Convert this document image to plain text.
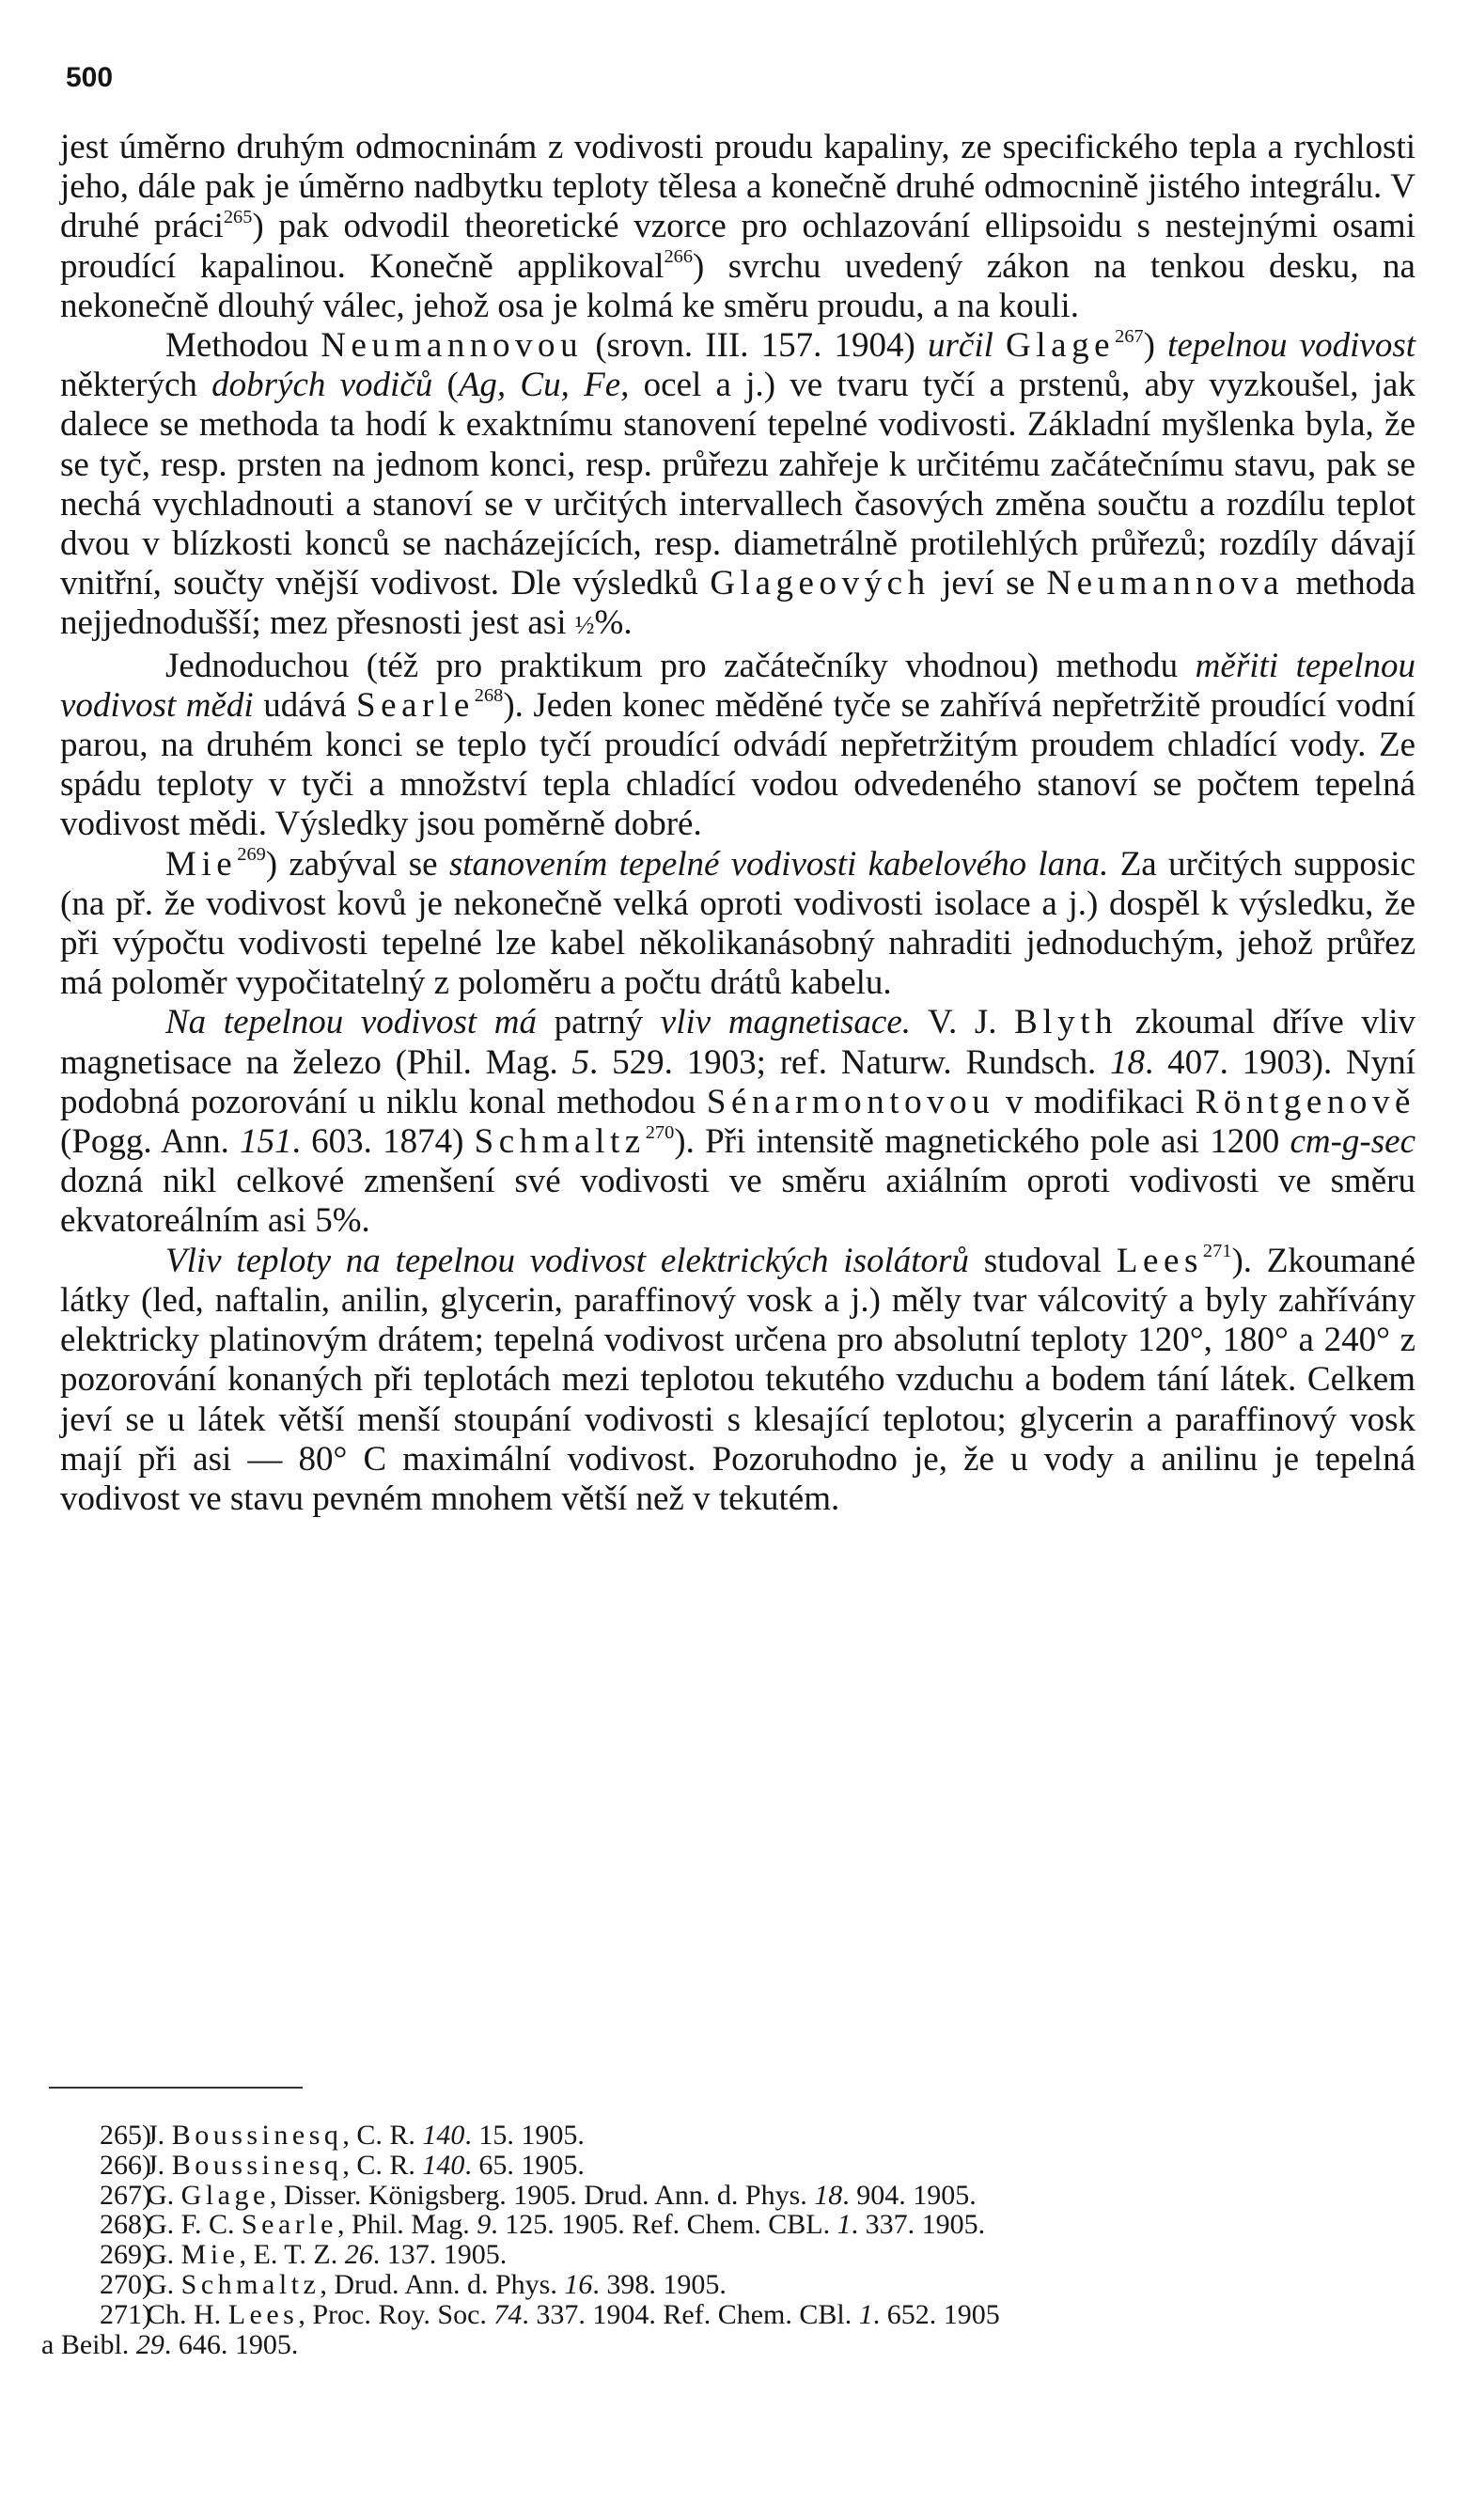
500

jest úměrno druhým odmocninám z vodivosti proudu kapaliny, ze specifického tepla a rychlosti jeho, dále pak je úměrno nadbytku teploty tělesa a konečně druhé odmocnině jistého integrálu. V druhé práci$^{265}$) pak odvodil theoretické vzorce pro ochlazování ellipsoidu s nestejnými osami proudící kapalinou. Konečně applikoval$^{266}$) svrchu uvedený zákon na tenkou desku, na nekonečně dlouhý válec, jehož osa je kolmá ke směru proudu, a na kouli.

Methodou Neumannovou (srovn. III. 157. 1904) určil Glage$^{267}$) tepelnou vodivost některých dobrých vodičů (Ag, Cu, Fe, ocel a j.) ve tvaru tyčí a prstenů, aby vyzkoušel, jak dalece se methoda ta hodí k exaktnímu stanovení tepelné vodivosti. Základní myšlenka byla, že se tyč, resp. prsten na jednom konci, resp. průřezu zahřeje k určitému začátečnímu stavu, pak se nechá vychladnouti a stanoví se v určitých intervallech časových změna součtu a rozdílu teplot dvou v blízkosti konců se nacházejících, resp. diametrálně protilehlých průřezů; rozdíly dávají vnitřní, součty vnější vodivost. Dle výsledků Glageových jeví se Neumannova methoda nejjednodušší; mez přesnosti jest asi ½%.

Jednoduchou (též pro praktikum pro začátečníky vhodnou) methodu měřiti tepelnou vodivost mědi udává Searle$^{268}$). Jeden konec měděné tyče se zahřívá nepřetržitě proudící vodní parou, na druhém konci se teplo tyčí proudící odvádí nepřetržitým proudem chladící vody. Ze spádu teploty v tyči a množství tepla chladící vodou odvedeného stanoví se počtem tepelná vodivost mědi. Výsledky jsou poměrně dobré.

Mie$^{269}$) zabýval se stanovením tepelné vodivosti kabelového lana. Za určitých supposic (na př. že vodivost kovů je nekonečně velká oproti vodivosti isolace a j.) dospěl k výsledku, že při výpočtu vodivosti tepelné lze kabel několikanásobný nahraditi jednoduchým, jehož průřez má poloměr vypočitatelný z poloměru a počtu drátů kabelu.

Na tepelnou vodivost má patrný vliv magnetisace. V. J. Blyth zkoumal dříve vliv magnetisace na železo (Phil. Mag. 5. 529. 1903; ref. Naturw. Rundsch. 18. 407. 1903). Nyní podobná pozorování u niklu konal methodou Sénarmontovou v modifikaci Röntgenově (Pogg. Ann. 151. 603. 1874) Schmaltz$^{270}$). Při intensitě magnetického pole asi 1200 cm-g-sec dozná nikl celkové zmenšení své vodivosti ve směru axiálním oproti vodivosti ve směru ekvatoreálním asi 5%.

Vliv teploty na tepelnou vodivost elektrických isolátorů studoval Lees$^{271}$). Zkoumané látky (led, naftalin, anilin, glycerin, paraffinový vosk a j.) měly tvar válcovitý a byly zahřívány elektricky platinovým drátem; tepelná vodivost určena pro absolutní teploty 120°, 180° a 240° z pozorování konaných při teplotách mezi teplotou tekutého vzduchu a bodem tání látek. Celkem jeví se u látek větší menší stoupání vodivosti s klesající teplotou; glycerin a paraffinový vosk mají při asi — 80° C maximální vodivost. Pozoruhodno je, že u vody a anilinu je tepelná vodivost ve stavu pevném mnohem větší než v tekutém.

265)J. Boussinesq, C. R. 140. 15. 1905.

266)J. Boussinesq, C. R. 140. 65. 1905.

267)G. Glage, Disser. Königsberg. 1905. Drud. Ann. d. Phys. 18. 904. 1905.

268)G. F. C. Searle, Phil. Mag. 9. 125. 1905. Ref. Chem. CBL. 1. 337. 1905.

269)G. Mie, E. T. Z. 26. 137. 1905.

270)G. Schmaltz, Drud. Ann. d. Phys. 16. 398. 1905.

271)Ch. H. Lees, Proc. Roy. Soc. 74. 337. 1904. Ref. Chem. CBl. 1. 652. 1905

a Beibl. 29. 646. 1905.
